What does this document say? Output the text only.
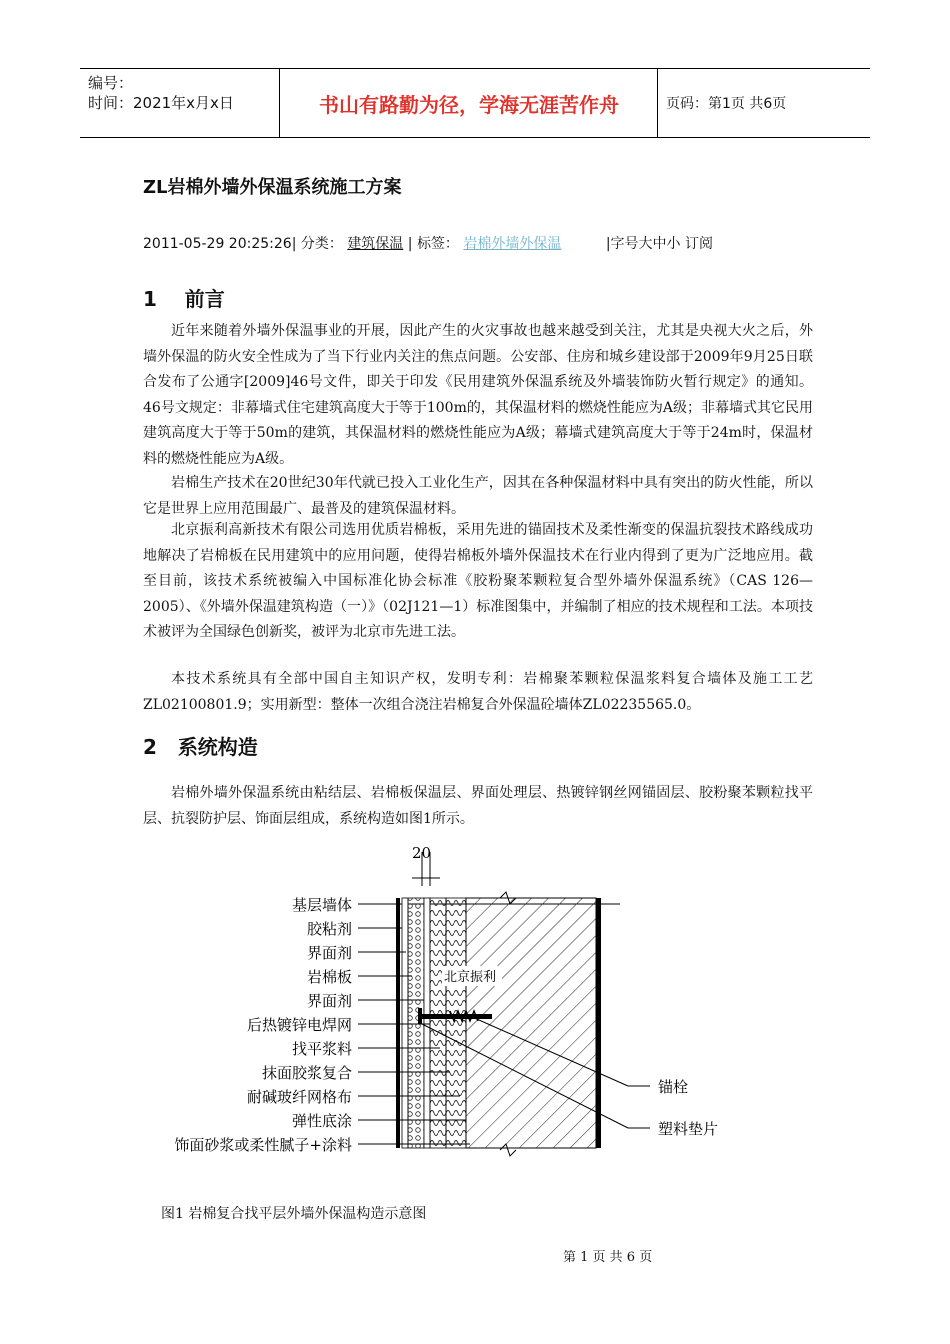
编号：
时间：2021年x月x日	书山有路勤为径，学海无涯苦作舟	页码：第1页 共6页
ZL岩棉外墙外保温系统施工方案
2011-05-29 20:25:26| 分类： 建筑保温 | 标签： 岩棉外墙外保温	|字号大中小 订阅
1 前言

近年来随着外墙外保温事业的开展，因此产生的火灾事故也越来越受到关注，尤其是央视大火之后，外墙外保温的防火安全性成为了当下行业内关注的焦点问题。公安部、住房和城乡建设部于2009年9月25日联合发布了公通字[2009]46号文件，即关于印发《民用建筑外保温系统及外墙装饰防火暂行规定》的通知。46号文规定：非幕墙式住宅建筑高度大于等于100m的，其保温材料的燃烧性能应为A级；非幕墙式其它民用建筑高度大于等于50m的建筑，其保温材料的燃烧性能应为A级；幕墙式建筑高度大于等于24m时，保温材料的燃烧性能应为A级。

岩棉生产技术在20世纪30年代就已投入工业化生产，因其在各种保温材料中具有突出的防火性能，所以它是世界上应用范围最广、最普及的建筑保温材料。

北京振利高新技术有限公司选用优质岩棉板，采用先进的锚固技术及柔性渐变的保温抗裂技术路线成功地解决了岩棉板在民用建筑中的应用问题，使得岩棉板外墙外保温技术在行业内得到了更为广泛地应用。截至目前，该技术系统被编入中国标准化协会标准《胶粉聚苯颗粒复合型外墙外保温系统》（CAS 126—2005）、《外墙外保温建筑构造（一）》（02J121—1）标准图集中，并编制了相应的技术规程和工法。本项技术被评为全国绿色创新奖，被评为北京市先进工法。

本技术系统具有全部中国自主知识产权，发明专利：岩棉聚苯颗粒保温浆料复合墙体及施工工艺ZL02100801.9；实用新型：整体一次组合浇注岩棉复合外保温砼墙体ZL02235565.0。

2 系统构造

岩棉外墙外保温系统由粘结层、岩棉板保温层、界面处理层、热镀锌钢丝网锚固层、胶粉聚苯颗粒找平层、抗裂防护层、饰面层组成，系统构造如图1所示。

20
北京振利
基层墙体
胶粘剂
界面剂
岩棉板
界面剂
后热镀锌电焊网
找平浆料
抹面胶浆复合
耐碱玻纤网格布
弹性底涂
饰面砂浆或柔性腻子+涂料
锚栓
塑料垫片
图1 岩棉复合找平层外墙外保温构造示意图
第 1 页 共 6 页
